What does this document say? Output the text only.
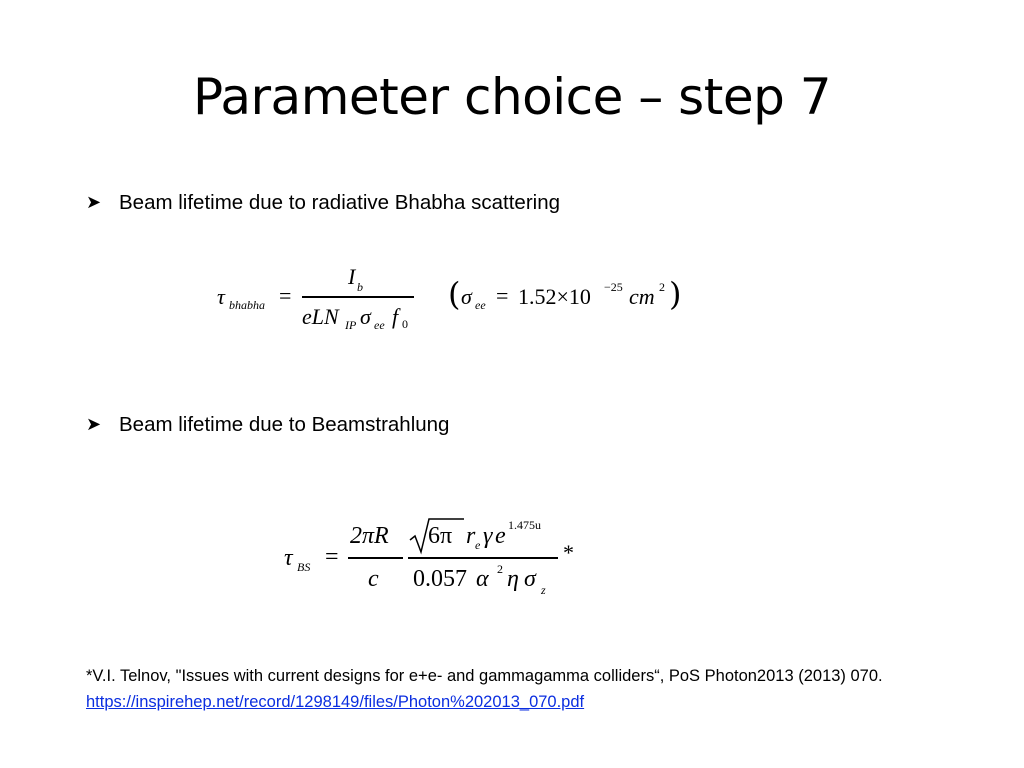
Parameter choice – step 7
➤ Beam lifetime due to radiative Bhabha scattering
τ bhabha =
I b
eLN IP σ ee f 0
( σ ee = 1.52×10 −25 cm 2 )
➤ Beam lifetime due to Beamstrahlung
τ BS =
2πR
c
6π r e γ e 1.475u
0.057 α 2 η σ z
*
*V.I. Telnov, "Issues with current designs for e+e- and gammagamma colliders“, PoS Photon2013 (2013) 070.
https://inspirehep.net/record/1298149/files/Photon%202013_070.pdf
